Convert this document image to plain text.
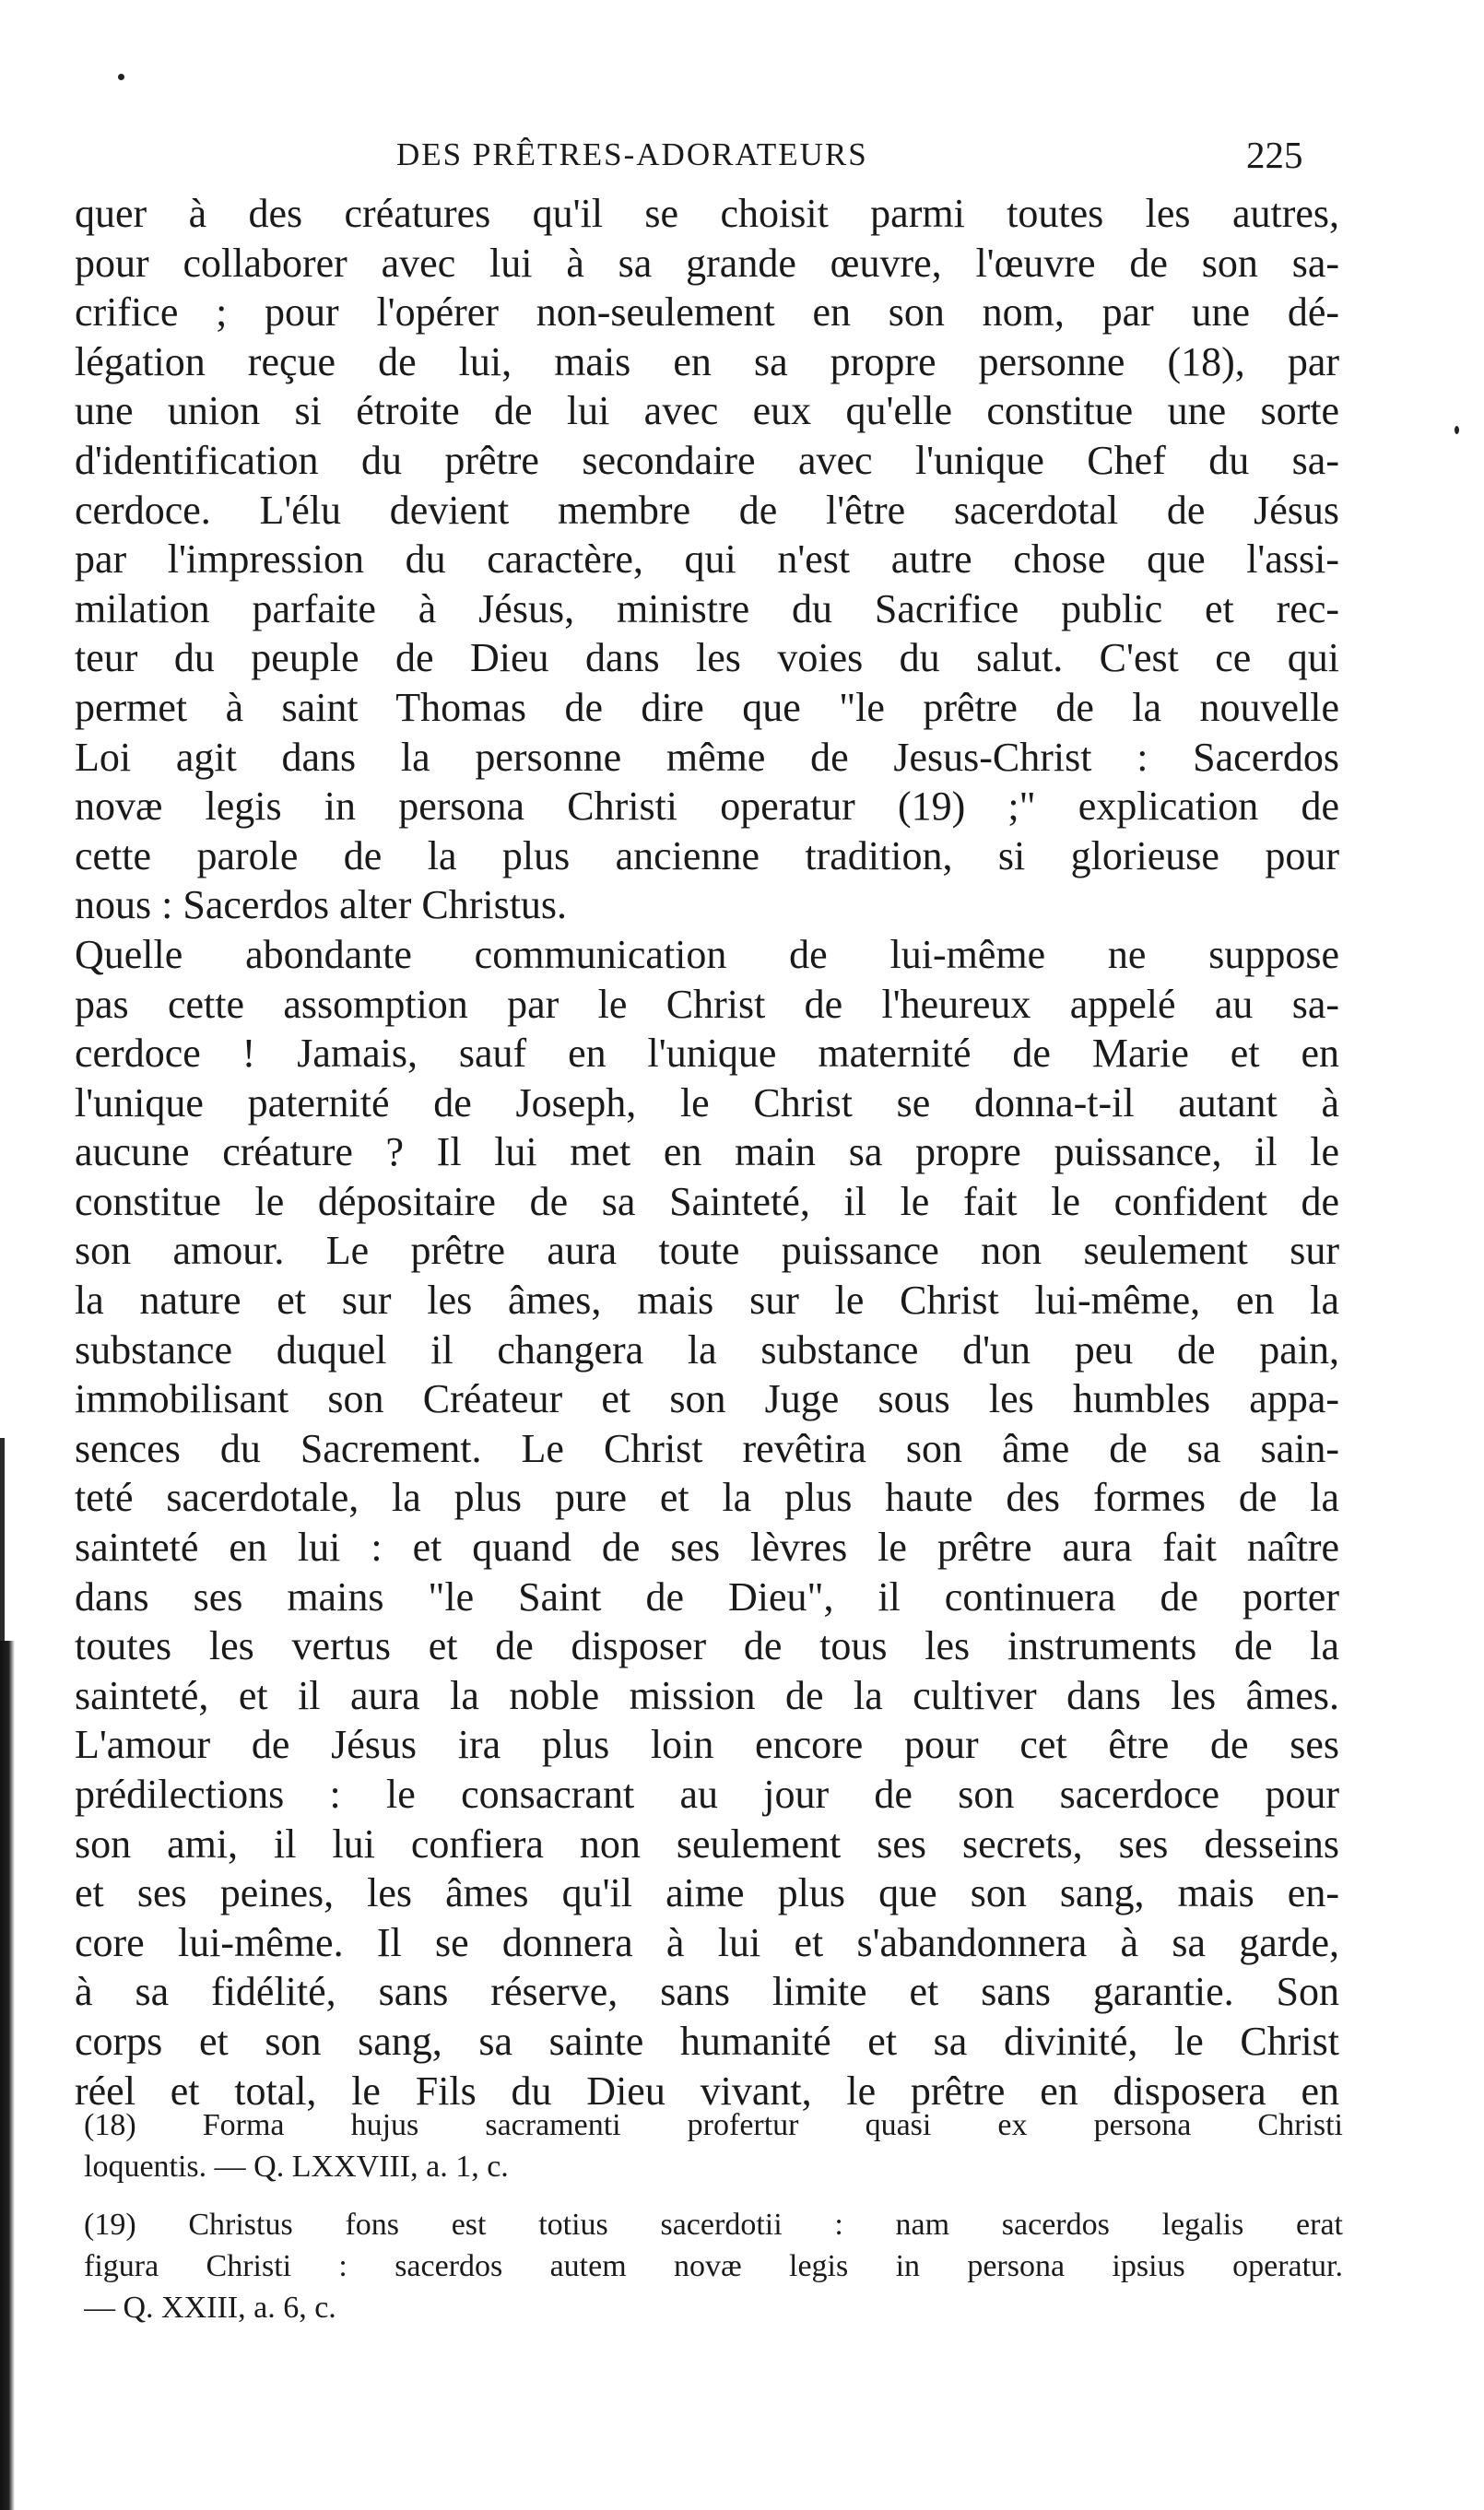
DES PRÊTRES-ADORATEURS	225
quer à des créatures qu'il se choisit parmi toutes les autres,
pour collaborer avec lui à sa grande œuvre, l'œuvre de son sa-
crifice ; pour l'opérer non-seulement en son nom, par une dé-
légation reçue de lui, mais en sa propre personne (18), par
une union si étroite de lui avec eux qu'elle constitue une sorte
d'identification du prêtre secondaire avec l'unique Chef du sa-
cerdoce. L'élu devient membre de l'être sacerdotal de Jésus
par l'impression du caractère, qui n'est autre chose que l'assi-
milation parfaite à Jésus, ministre du Sacrifice public et rec-
teur du peuple de Dieu dans les voies du salut. C'est ce qui
permet à saint Thomas de dire que "le prêtre de la nouvelle
Loi agit dans la personne même de Jesus-Christ : Sacerdos
novæ legis in persona Christi operatur (19) ;" explication de
cette parole de la plus ancienne tradition, si glorieuse pour
nous : Sacerdos alter Christus.
Quelle abondante communication de lui-même ne suppose
pas cette assomption par le Christ de l'heureux appelé au sa-
cerdoce ! Jamais, sauf en l'unique maternité de Marie et en
l'unique paternité de Joseph, le Christ se donna-t-il autant à
aucune créature ? Il lui met en main sa propre puissance, il le
constitue le dépositaire de sa Sainteté, il le fait le confident de
son amour. Le prêtre aura toute puissance non seulement sur
la nature et sur les âmes, mais sur le Christ lui-même, en la
substance duquel il changera la substance d'un peu de pain,
immobilisant son Créateur et son Juge sous les humbles appa-
sences du Sacrement. Le Christ revêtira son âme de sa sain-
teté sacerdotale, la plus pure et la plus haute des formes de la
sainteté en lui : et quand de ses lèvres le prêtre aura fait naître
dans ses mains "le Saint de Dieu", il continuera de porter
toutes les vertus et de disposer de tous les instruments de la
sainteté, et il aura la noble mission de la cultiver dans les âmes.
L'amour de Jésus ira plus loin encore pour cet être de ses
prédilections : le consacrant au jour de son sacerdoce pour
son ami, il lui confiera non seulement ses secrets, ses desseins
et ses peines, les âmes qu'il aime plus que son sang, mais en-
core lui-même. Il se donnera à lui et s'abandonnera à sa garde,
à sa fidélité, sans réserve, sans limite et sans garantie. Son
corps et son sang, sa sainte humanité et sa divinité, le Christ
réel et total, le Fils du Dieu vivant, le prêtre en disposera en
(18) Forma hujus sacramenti profertur quasi ex persona Christi
loquentis. — Q. LXXVIII, a. 1, c.
(19) Christus fons est totius sacerdotii : nam sacerdos legalis erat
figura Christi : sacerdos autem novæ legis in persona ipsius operatur.
— Q. XXIII, a. 6, c.
